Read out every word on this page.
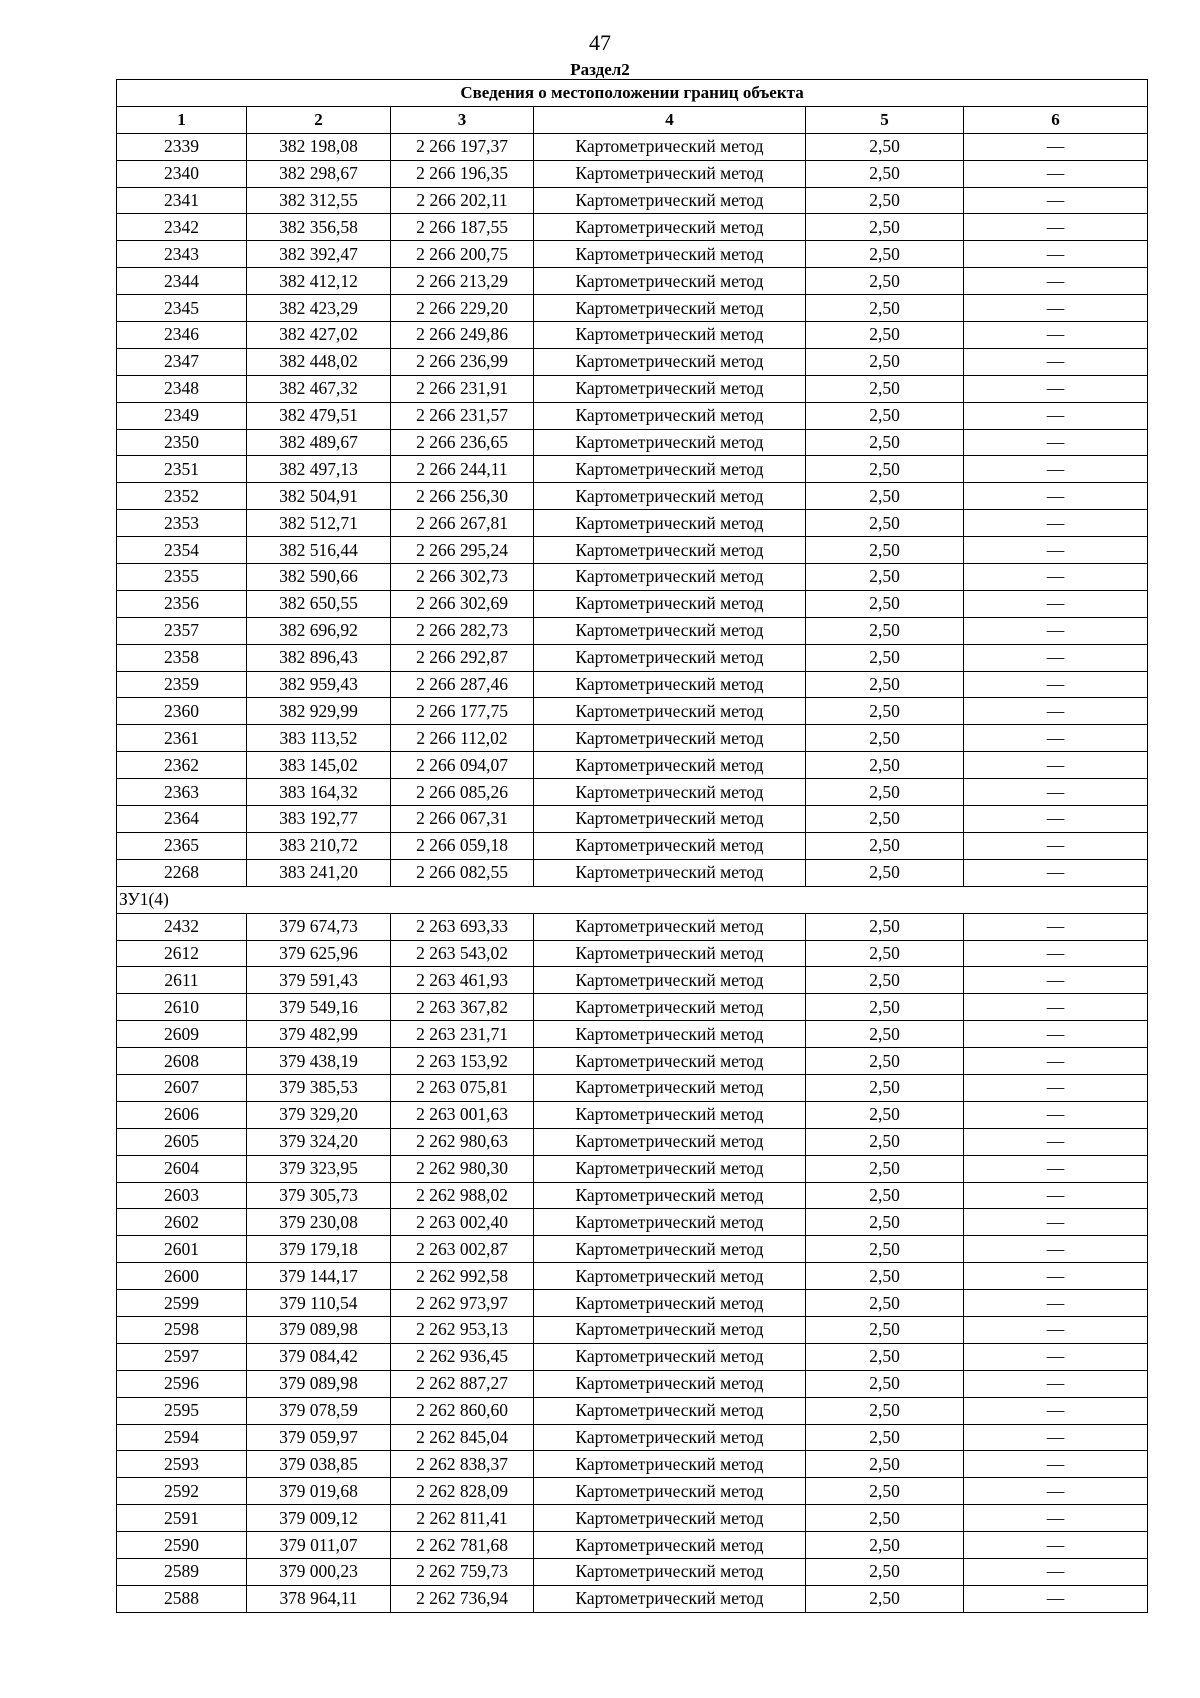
47
Раздел2
Сведения о местоположении границ объекта					
1	2	3	4	5	6
2339	382 198,08	2 266 197,37	Картометрический метод	2,50	—
2340	382 298,67	2 266 196,35	Картометрический метод	2,50	—
2341	382 312,55	2 266 202,11	Картометрический метод	2,50	—
2342	382 356,58	2 266 187,55	Картометрический метод	2,50	—
2343	382 392,47	2 266 200,75	Картометрический метод	2,50	—
2344	382 412,12	2 266 213,29	Картометрический метод	2,50	—
2345	382 423,29	2 266 229,20	Картометрический метод	2,50	—
2346	382 427,02	2 266 249,86	Картометрический метод	2,50	—
2347	382 448,02	2 266 236,99	Картометрический метод	2,50	—
2348	382 467,32	2 266 231,91	Картометрический метод	2,50	—
2349	382 479,51	2 266 231,57	Картометрический метод	2,50	—
2350	382 489,67	2 266 236,65	Картометрический метод	2,50	—
2351	382 497,13	2 266 244,11	Картометрический метод	2,50	—
2352	382 504,91	2 266 256,30	Картометрический метод	2,50	—
2353	382 512,71	2 266 267,81	Картометрический метод	2,50	—
2354	382 516,44	2 266 295,24	Картометрический метод	2,50	—
2355	382 590,66	2 266 302,73	Картометрический метод	2,50	—
2356	382 650,55	2 266 302,69	Картометрический метод	2,50	—
2357	382 696,92	2 266 282,73	Картометрический метод	2,50	—
2358	382 896,43	2 266 292,87	Картометрический метод	2,50	—
2359	382 959,43	2 266 287,46	Картометрический метод	2,50	—
2360	382 929,99	2 266 177,75	Картометрический метод	2,50	—
2361	383 113,52	2 266 112,02	Картометрический метод	2,50	—
2362	383 145,02	2 266 094,07	Картометрический метод	2,50	—
2363	383 164,32	2 266 085,26	Картометрический метод	2,50	—
2364	383 192,77	2 266 067,31	Картометрический метод	2,50	—
2365	383 210,72	2 266 059,18	Картометрический метод	2,50	—
2268	383 241,20	2 266 082,55	Картометрический метод	2,50	—
ЗУ1(4)					
2432	379 674,73	2 263 693,33	Картометрический метод	2,50	—
2612	379 625,96	2 263 543,02	Картометрический метод	2,50	—
2611	379 591,43	2 263 461,93	Картометрический метод	2,50	—
2610	379 549,16	2 263 367,82	Картометрический метод	2,50	—
2609	379 482,99	2 263 231,71	Картометрический метод	2,50	—
2608	379 438,19	2 263 153,92	Картометрический метод	2,50	—
2607	379 385,53	2 263 075,81	Картометрический метод	2,50	—
2606	379 329,20	2 263 001,63	Картометрический метод	2,50	—
2605	379 324,20	2 262 980,63	Картометрический метод	2,50	—
2604	379 323,95	2 262 980,30	Картометрический метод	2,50	—
2603	379 305,73	2 262 988,02	Картометрический метод	2,50	—
2602	379 230,08	2 263 002,40	Картометрический метод	2,50	—
2601	379 179,18	2 263 002,87	Картометрический метод	2,50	—
2600	379 144,17	2 262 992,58	Картометрический метод	2,50	—
2599	379 110,54	2 262 973,97	Картометрический метод	2,50	—
2598	379 089,98	2 262 953,13	Картометрический метод	2,50	—
2597	379 084,42	2 262 936,45	Картометрический метод	2,50	—
2596	379 089,98	2 262 887,27	Картометрический метод	2,50	—
2595	379 078,59	2 262 860,60	Картометрический метод	2,50	—
2594	379 059,97	2 262 845,04	Картометрический метод	2,50	—
2593	379 038,85	2 262 838,37	Картометрический метод	2,50	—
2592	379 019,68	2 262 828,09	Картометрический метод	2,50	—
2591	379 009,12	2 262 811,41	Картометрический метод	2,50	—
2590	379 011,07	2 262 781,68	Картометрический метод	2,50	—
2589	379 000,23	2 262 759,73	Картометрический метод	2,50	—
2588	378 964,11	2 262 736,94	Картометрический метод	2,50	—
